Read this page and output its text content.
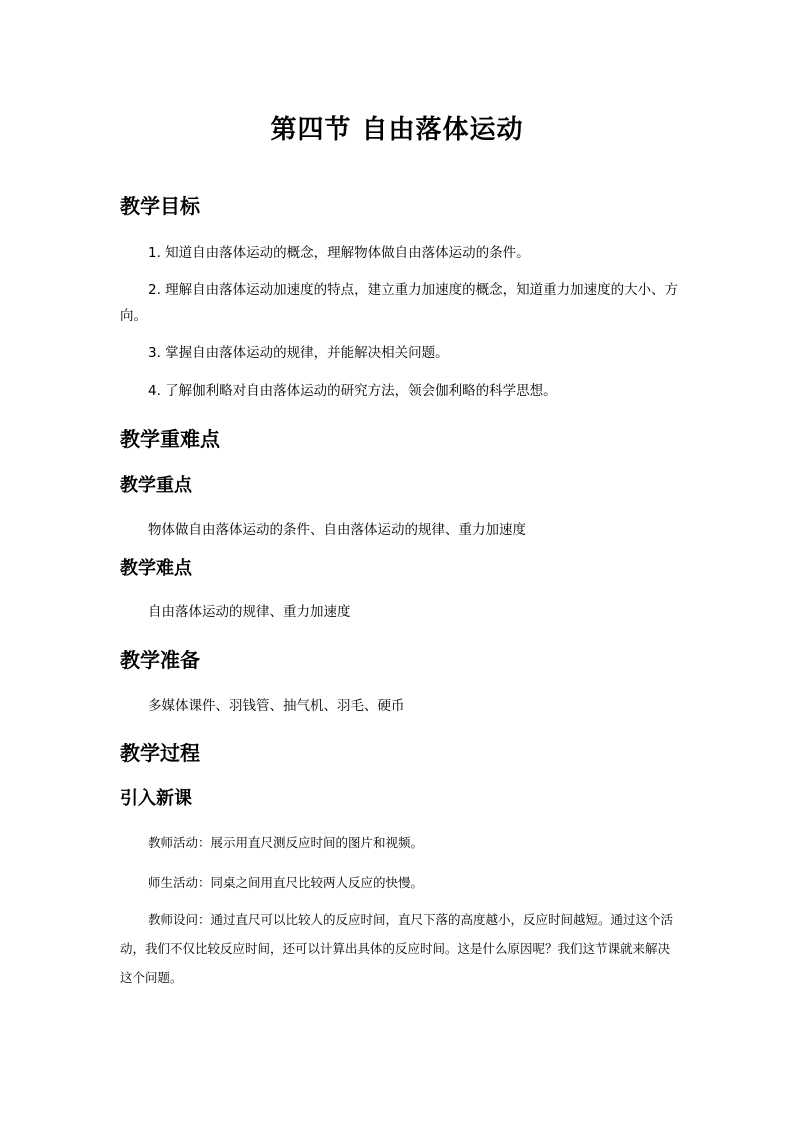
第四节 自由落体运动
教学目标

1. 知道自由落体运动的概念，理解物体做自由落体运动的条件。

2. 理解自由落体运动加速度的特点，建立重力加速度的概念，知道重力加速度的大小、方向。

3. 掌握自由落体运动的规律，并能解决相关问题。

4. 了解伽利略对自由落体运动的研究方法，领会伽利略的科学思想。

教学重难点
教学重点

物体做自由落体运动的条件、自由落体运动的规律、重力加速度

教学难点

自由落体运动的规律、重力加速度

教学准备

多媒体课件、羽钱管、抽气机、羽毛、硬币

教学过程
引入新课

教师活动：展示用直尺测反应时间的图片和视频。

师生活动：同桌之间用直尺比较两人反应的快慢。

教师设问：通过直尺可以比较人的反应时间，直尺下落的高度越小，反应时间越短。通过这个活动，我们不仅比较反应时间，还可以计算出具体的反应时间。这是什么原因呢？我们这节课就来解决这个问题。
